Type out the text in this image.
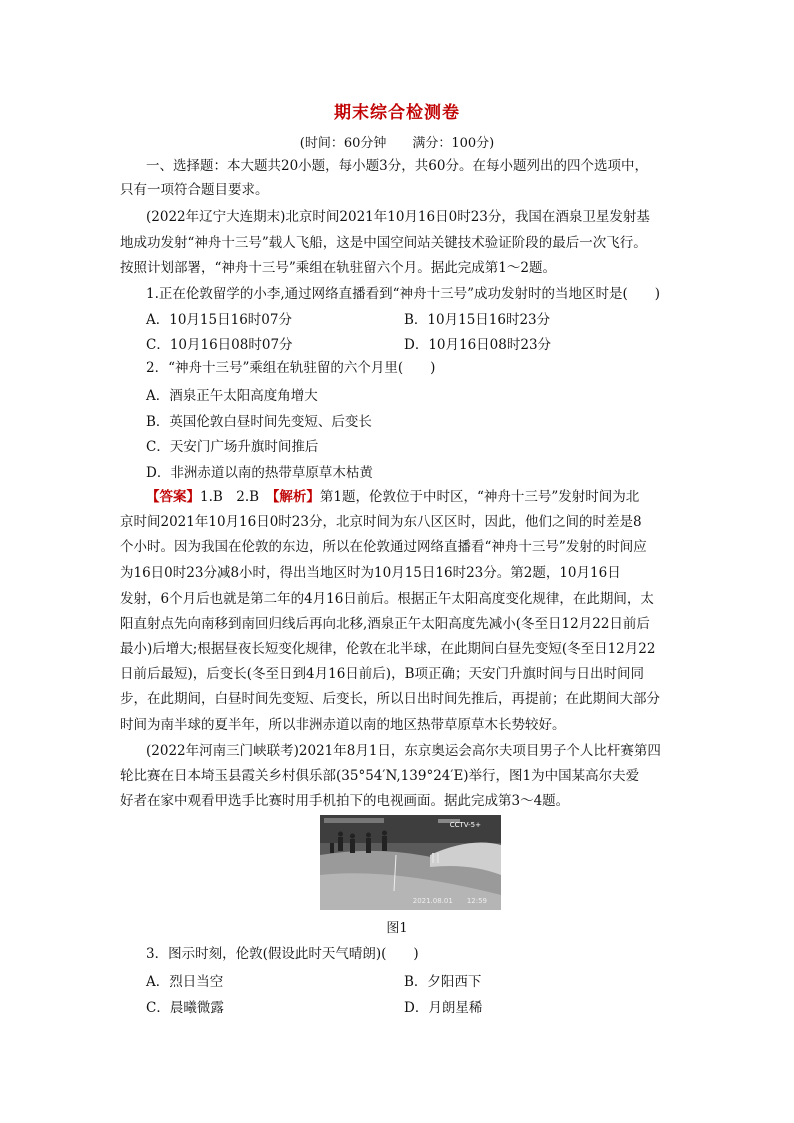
期末综合检测卷
(时间：60分钟　　满分：100分)
一、选择题：本大题共20小题，每小题3分，共60分。在每小题列出的四个选项中，
只有一项符合题目要求。
(2022年辽宁大连期末)北京时间2021年10月16日0时23分，我国在酒泉卫星发射基
地成功发射“神舟十三号”载人飞船，这是中国空间站关键技术验证阶段的最后一次飞行。
按照计划部署，“神舟十三号”乘组在轨驻留六个月。据此完成第1～2题。
1.正在伦敦留学的小李,通过网络直播看到“神舟十三号”成功发射时的当地区时是(　　)
A．10月15日16时07分	B．10月15日16时23分
C．10月16日08时07分	D．10月16日08时23分
2．“神舟十三号”乘组在轨驻留的六个月里(　　)
A．酒泉正午太阳高度角增大
B．英国伦敦白昼时间先变短、后变长
C．天安门广场升旗时间推后
D．非洲赤道以南的热带草原草木枯黄
【答案】1.B　2.B　【解析】第1题，伦敦位于中时区，“神舟十三号”发射时间为北
京时间2021年10月16日0时23分，北京时间为东八区区时，因此，他们之间的时差是8
个小时。因为我国在伦敦的东边，所以在伦敦通过网络直播看“神舟十三号”发射的时间应
为16日0时23分减8小时，得出当地区时为10月15日16时23分。第2题，10月16日
发射，6个月后也就是第二年的4月16日前后。根据正午太阳高度变化规律，在此期间，太
阳直射点先向南移到南回归线后再向北移,酒泉正午太阳高度先减小(冬至日12月22日前后
最小)后增大;根据昼夜长短变化规律，伦敦在北半球，在此期间白昼先变短(冬至日12月22
日前后最短)，后变长(冬至日到4月16日前后)，B项正确；天安门升旗时间与日出时间同
步，在此期间，白昼时间先变短、后变长，所以日出时间先推后，再提前；在此期间大部分
时间为南半球的夏半年，所以非洲赤道以南的地区热带草原草木长势较好。
(2022年河南三门峡联考)2021年8月1日，东京奥运会高尔夫项目男子个人比杆赛第四
轮比赛在日本埼玉县霞关乡村俱乐部(35°54′N,139°24′E)举行，图1为中国某高尔夫爱
好者在家中观看甲选手比赛时用手机拍下的电视画面。据此完成第3～4题。
CCTV-5+
2021.08.01　　12:59
图1
3．图示时刻，伦敦(假设此时天气晴朗)(　　)
A．烈日当空	B．夕阳西下
C．晨曦微露	D．月朗星稀
